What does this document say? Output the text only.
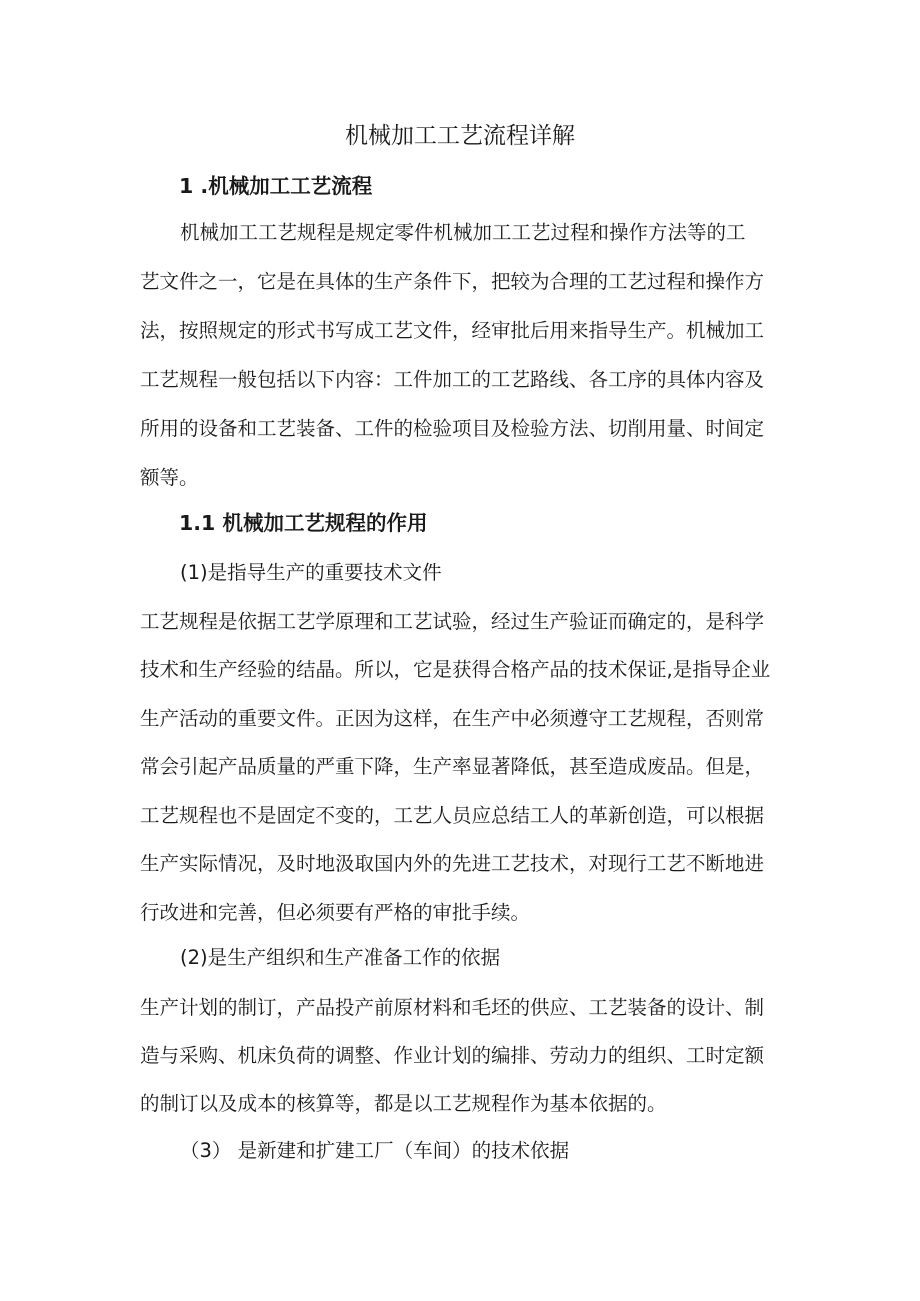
机械加工工艺流程详解
1 .机械加工工艺流程
机械加工工艺规程是规定零件机械加工工艺过程和操作方法等的工
艺文件之一，它是在具体的生产条件下，把较为合理的工艺过程和操作方
法，按照规定的形式书写成工艺文件，经审批后用来指导生产。机械加工
工艺规程一般包括以下内容：工件加工的工艺路线、各工序的具体内容及
所用的设备和工艺装备、工件的检验项目及检验方法、切削用量、时间定
额等。
1.1 机械加工艺规程的作用
(1)是指导生产的重要技术文件
工艺规程是依据工艺学原理和工艺试验，经过生产验证而确定的，是科学
技术和生产经验的结晶。所以，它是获得合格产品的技术保证,是指导企业
生产活动的重要文件。正因为这样，在生产中必须遵守工艺规程，否则常
常会引起产品质量的严重下降，生产率显著降低，甚至造成废品。但是，
工艺规程也不是固定不变的，工艺人员应总结工人的革新创造，可以根据
生产实际情况，及时地汲取国内外的先进工艺技术，对现行工艺不断地进
行改进和完善，但必须要有严格的审批手续。
(2)是生产组织和生产准备工作的依据
生产计划的制订，产品投产前原材料和毛坯的供应、工艺装备的设计、制
造与采购、机床负荷的调整、作业计划的编排、劳动力的组织、工时定额
的制订以及成本的核算等，都是以工艺规程作为基本依据的。
（3） 是新建和扩建工厂（车间）的技术依据
